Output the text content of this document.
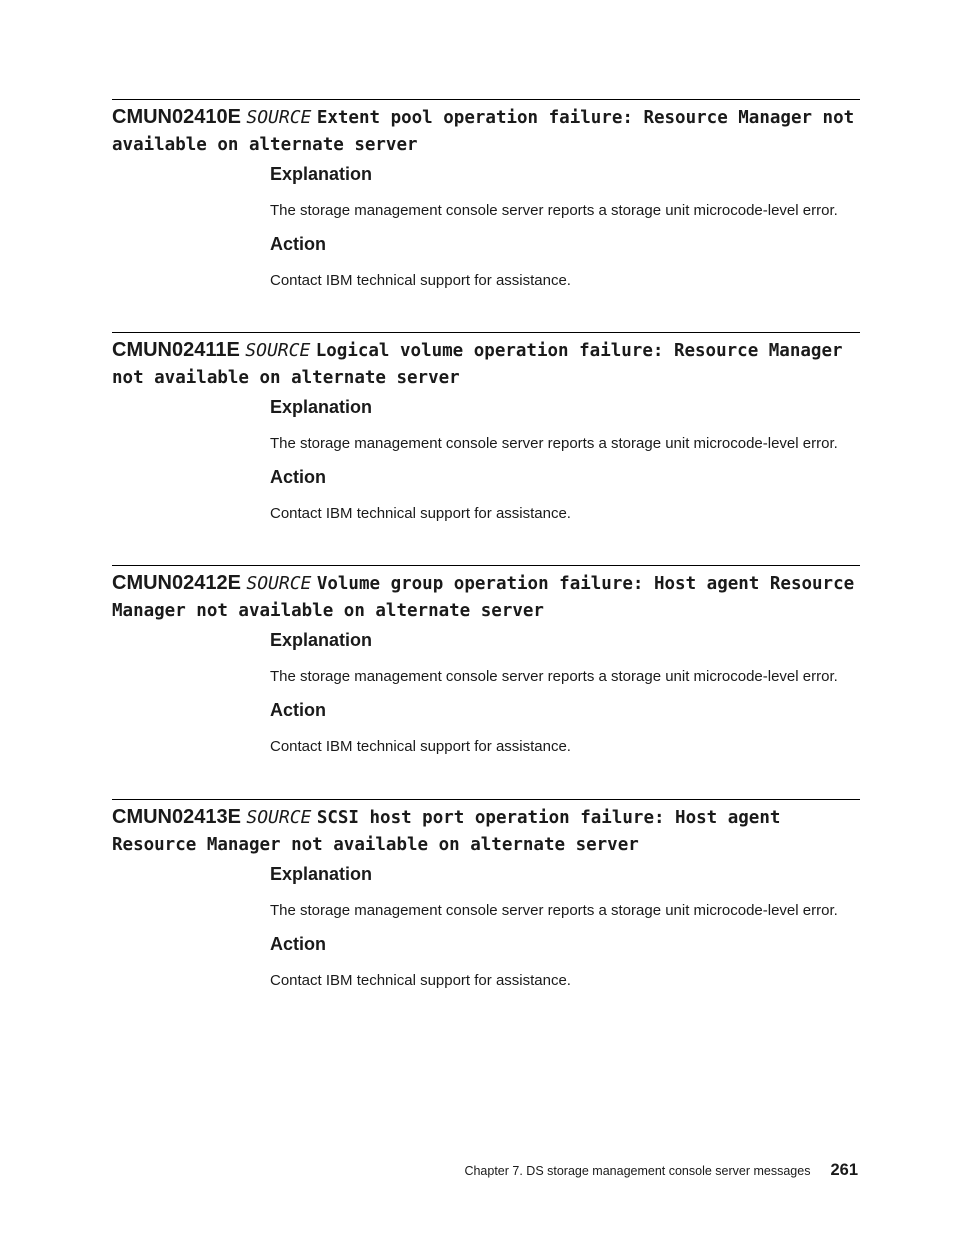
CMUN02410E SOURCE Extent pool operation failure: Resource Manager not available on alternate server
Explanation

The storage management console server reports a storage unit microcode-level error.

Action

Contact IBM technical support for assistance.

CMUN02411E SOURCE Logical volume operation failure: Resource Manager not available on alternate server
Explanation

The storage management console server reports a storage unit microcode-level error.

Action

Contact IBM technical support for assistance.

CMUN02412E SOURCE Volume group operation failure: Host agent Resource Manager not available on alternate server
Explanation

The storage management console server reports a storage unit microcode-level error.

Action

Contact IBM technical support for assistance.

CMUN02413E SOURCE SCSI host port operation failure: Host agent Resource Manager not available on alternate server
Explanation

The storage management console server reports a storage unit microcode-level error.

Action

Contact IBM technical support for assistance.

Chapter 7. DS storage management console server messages 261
